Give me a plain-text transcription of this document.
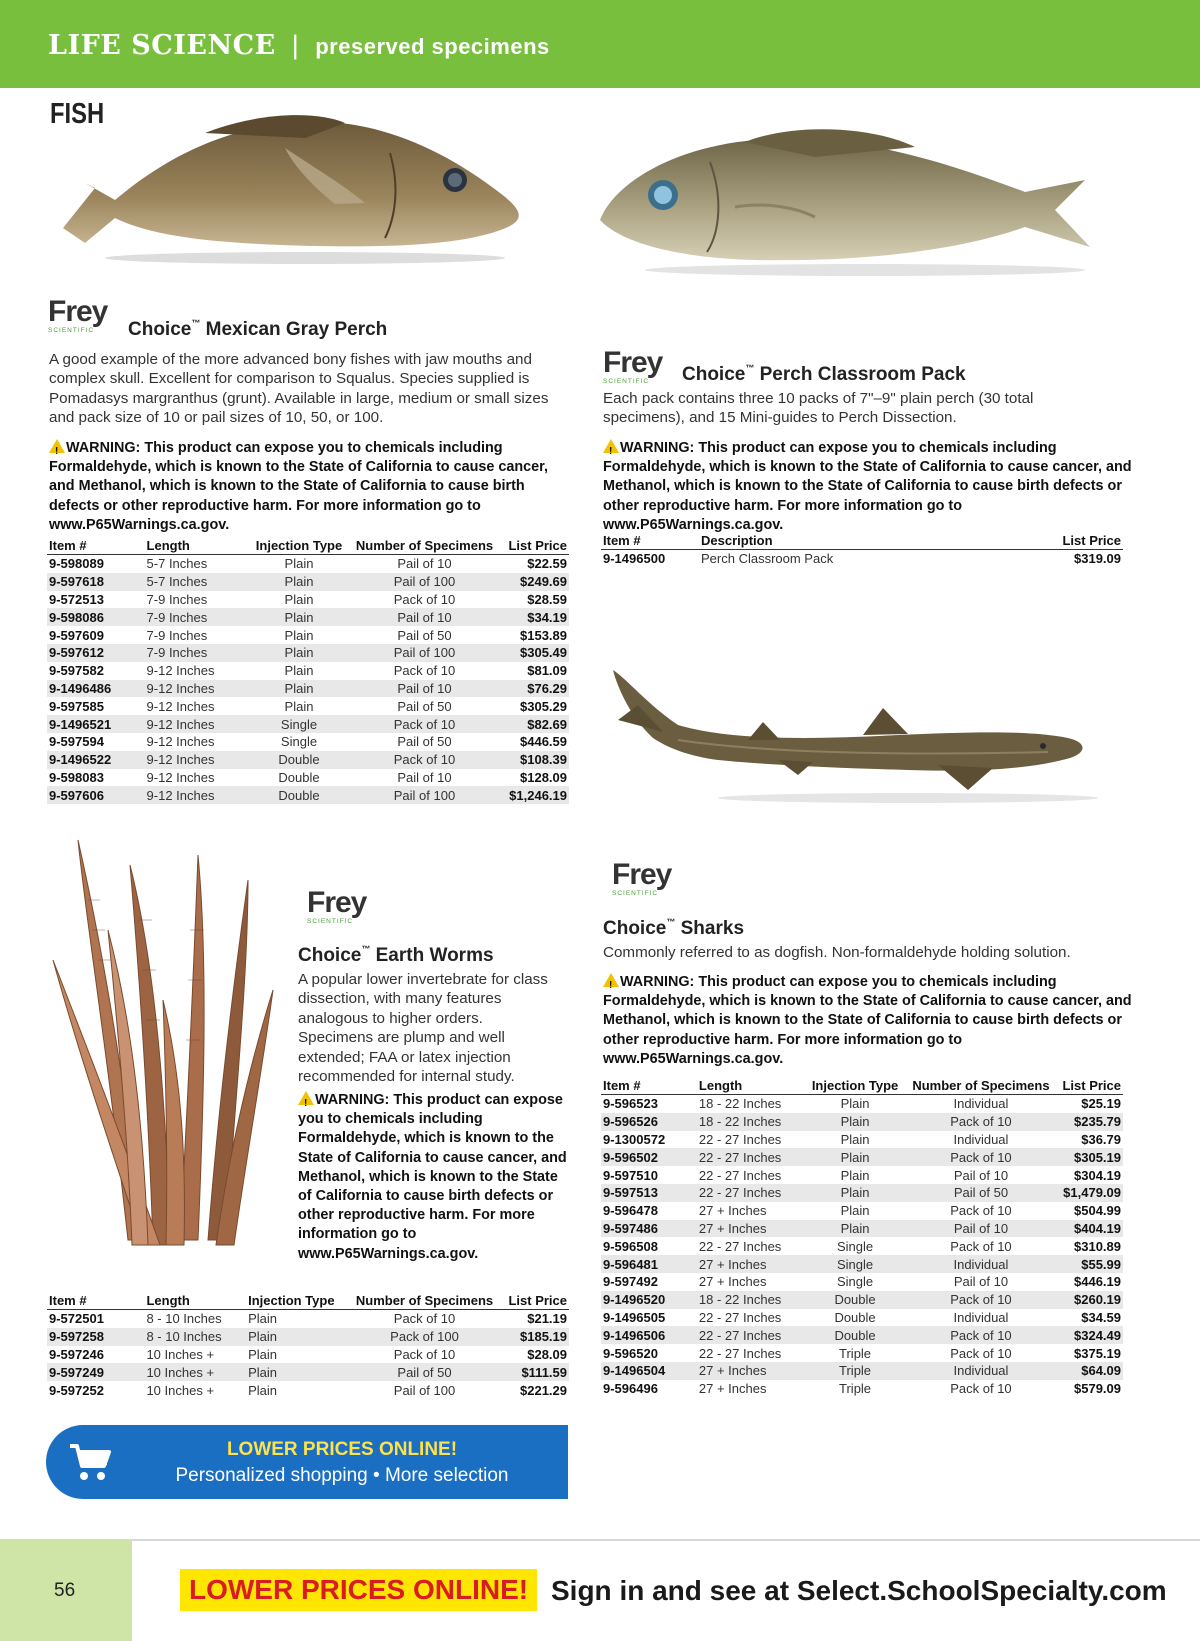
LIFE SCIENCE | preserved specimens
FISH
Frey
SCIENTIFIC	Choice™ Mexican Gray Perch
A good example of the more advanced bony fishes with jaw mouths and complex skull. Excellent for comparison to Squalus. Species supplied is Pomadasys margranthus (grunt). Available in large, medium or small sizes and pack size of 10 or pail sizes of 10, 50, or 100.
! WARNING: This product can expose you to chemicals including Formaldehyde, which is known to the State of California to cause cancer, and Methanol, which is known to the State of California to cause birth defects or other reproductive harm. For more information go to www.P65Warnings.ca.gov.
Item #	Length	Injection Type	Number of Specimens	List Price
9-598089	5-7 Inches	Plain	Pail of 10	$22.59
9-597618	5-7 Inches	Plain	Pail of 100	$249.69
9-572513	7-9 Inches	Plain	Pack of 10	$28.59
9-598086	7-9 Inches	Plain	Pail of 10	$34.19
9-597609	7-9 Inches	Plain	Pail of 50	$153.89
9-597612	7-9 Inches	Plain	Pail of 100	$305.49
9-597582	9-12 Inches	Plain	Pack of 10	$81.09
9-1496486	9-12 Inches	Plain	Pail of 10	$76.29
9-597585	9-12 Inches	Plain	Pail of 50	$305.29
9-1496521	9-12 Inches	Single	Pack of 10	$82.69
9-597594	9-12 Inches	Single	Pail of 50	$446.59
9-1496522	9-12 Inches	Double	Pack of 10	$108.39
9-598083	9-12 Inches	Double	Pail of 10	$128.09
9-597606	9-12 Inches	Double	Pail of 100	$1,246.19
Frey
SCIENTIFIC	Choice™ Perch Classroom Pack
Each pack contains three 10 packs of 7"–9" plain perch (30 total specimens), and 15 Mini-guides to Perch Dissection.
! WARNING: This product can expose you to chemicals including Formaldehyde, which is known to the State of California to cause cancer, and Methanol, which is known to the State of California to cause birth defects or other reproductive harm. For more information go to www.P65Warnings.ca.gov.
Item #	Description	List Price
9-1496500	Perch Classroom Pack	$319.09
Frey
SCIENTIFIC
Choice™ Earth Worms
A popular lower invertebrate for class dissection, with many features analogous to higher orders. Specimens are plump and well extended; FAA or latex injection recommended for internal study.
! WARNING: This product can expose you to chemicals including Formaldehyde, which is known to the State of California to cause cancer, and Methanol, which is known to the State of California to cause birth defects or other reproductive harm. For more information go to www.P65Warnings.ca.gov.
Item #	Length	Injection Type	Number of Specimens	List Price
9-572501	8 - 10 Inches	Plain	Pack of 10	$21.19
9-597258	8 - 10 Inches	Plain	Pack of 100	$185.19
9-597246	10 Inches +	Plain	Pack of 10	$28.09
9-597249	10 Inches +	Plain	Pail of 50	$111.59
9-597252	10 Inches +	Plain	Pail of 100	$221.29
Frey
SCIENTIFIC
Choice™ Sharks
Commonly referred to as dogfish. Non-formaldehyde holding solution.
! WARNING: This product can expose you to chemicals including Formaldehyde, which is known to the State of California to cause cancer, and Methanol, which is known to the State of California to cause birth defects or other reproductive harm. For more information go to www.P65Warnings.ca.gov.
Item #	Length	Injection Type	Number of Specimens	List Price
9-596523	18 - 22 Inches	Plain	Individual	$25.19
9-596526	18 - 22 Inches	Plain	Pack of 10	$235.79
9-1300572	22 - 27 Inches	Plain	Individual	$36.79
9-596502	22 - 27 Inches	Plain	Pack of 10	$305.19
9-597510	22 - 27 Inches	Plain	Pail of 10	$304.19
9-597513	22 - 27 Inches	Plain	Pail of 50	$1,479.09
9-596478	27 + Inches	Plain	Pack of 10	$504.99
9-597486	27 + Inches	Plain	Pail of 10	$404.19
9-596508	22 - 27 Inches	Single	Pack of 10	$310.89
9-596481	27 + Inches	Single	Individual	$55.99
9-597492	27 + Inches	Single	Pail of 10	$446.19
9-1496520	18 - 22 Inches	Double	Pack of 10	$260.19
9-1496505	22 - 27 Inches	Double	Individual	$34.59
9-1496506	22 - 27 Inches	Double	Pack of 10	$324.49
9-596520	22 - 27 Inches	Triple	Pack of 10	$375.19
9-1496504	27 + Inches	Triple	Individual	$64.09
9-596496	27 + Inches	Triple	Pack of 10	$579.09
LOWER PRICES ONLINE!
Personalized shopping • More selection
56	LOWER PRICES ONLINE! Sign in and see at Select.SchoolSpecialty.com
